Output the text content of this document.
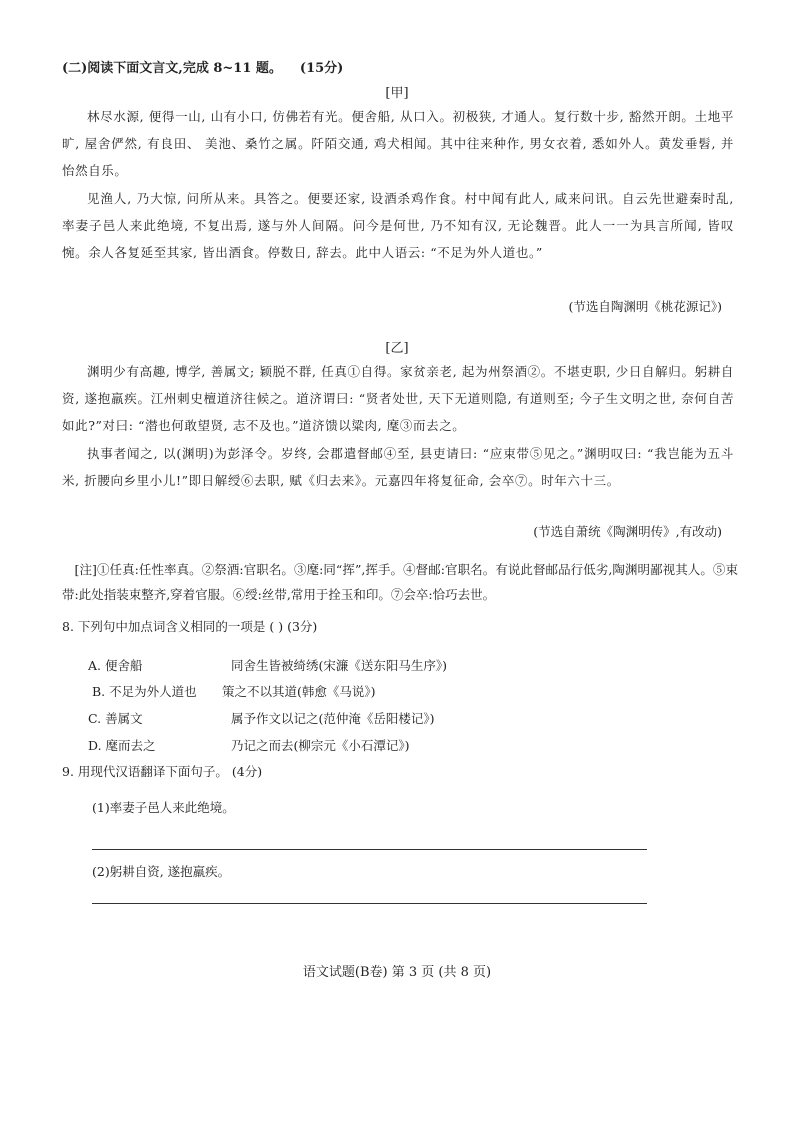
(二)阅读下面文言文,完成 8~11 题。 (15分)
[甲]

林尽水源, 便得一山, 山有小口, 仿佛若有光。便舍船, 从口入。初极狭, 才通人。复行数十步, 豁然开朗。土地平旷, 屋舍俨然, 有良田、 美池、桑竹之属。阡陌交通, 鸡犬相闻。其中往来种作, 男女衣着, 悉如外人。黄发垂髫, 并怡然自乐。

见渔人, 乃大惊, 问所从来。具答之。便要还家, 设酒杀鸡作食。村中闻有此人, 咸来问讯。自云先世避秦时乱, 率妻子邑人来此绝境, 不复出焉, 遂与外人间隔。问今是何世, 乃不知有汉, 无论魏晋。此人一一为具言所闻, 皆叹惋。余人各复延至其家, 皆出酒食。停数日, 辞去。此中人语云: “不足为外人道也。”

(节选自陶渊明《桃花源记》)
[乙]

渊明少有高趣, 博学, 善属文; 颖脱不群, 任真①自得。家贫亲老, 起为州祭酒②。不堪吏职, 少日自解归。躬耕自资, 遂抱羸疾。江州刺史檀道济往候之。道济谓曰: “贤者处世, 天下无道则隐, 有道则至; 今子生文明之世, 奈何自苦如此?”对曰: “潜也何敢望贤, 志不及也。”道济馈以粱肉, 麾③而去之。

执事者闻之, 以(渊明)为彭泽令。岁终, 会郡遣督邮④至, 县吏请曰: “应束带⑤见之。”渊明叹曰: “我岂能为五斗米, 折腰向乡里小儿!”即日解绶⑥去职, 赋《归去来》。元嘉四年将复征命, 会卒⑦。时年六十三。

(节选自萧统《陶渊明传》,有改动)

[注]①任真:任性率真。②祭酒:官职名。③麾:同“挥”,挥手。④督邮:官职名。有说此督邮品行低劣,陶渊明鄙视其人。⑤束带:此处指装束整齐,穿着官服。⑥绶:丝带,常用于拴玉和印。⑦会卒:恰巧去世。

8. 下列句中加点词含义相同的一项是 ( ) (3分)
A. 便舍船	同舍生皆被绮绣(宋濂《送东阳马生序》)
B. 不足为外人道也 策之不以其道(韩愈《马说》)
C. 善属文	属予作文以记之(范仲淹《岳阳楼记》)
D. 麾而去之	乃记之而去(柳宗元《小石潭记》)
9. 用现代汉语翻译下面句子。 (4分)
(1)率妻子邑人来此绝境。
(2)躬耕自资, 遂抱羸疾。
语文试题(B卷) 第 3 页 (共 8 页)
